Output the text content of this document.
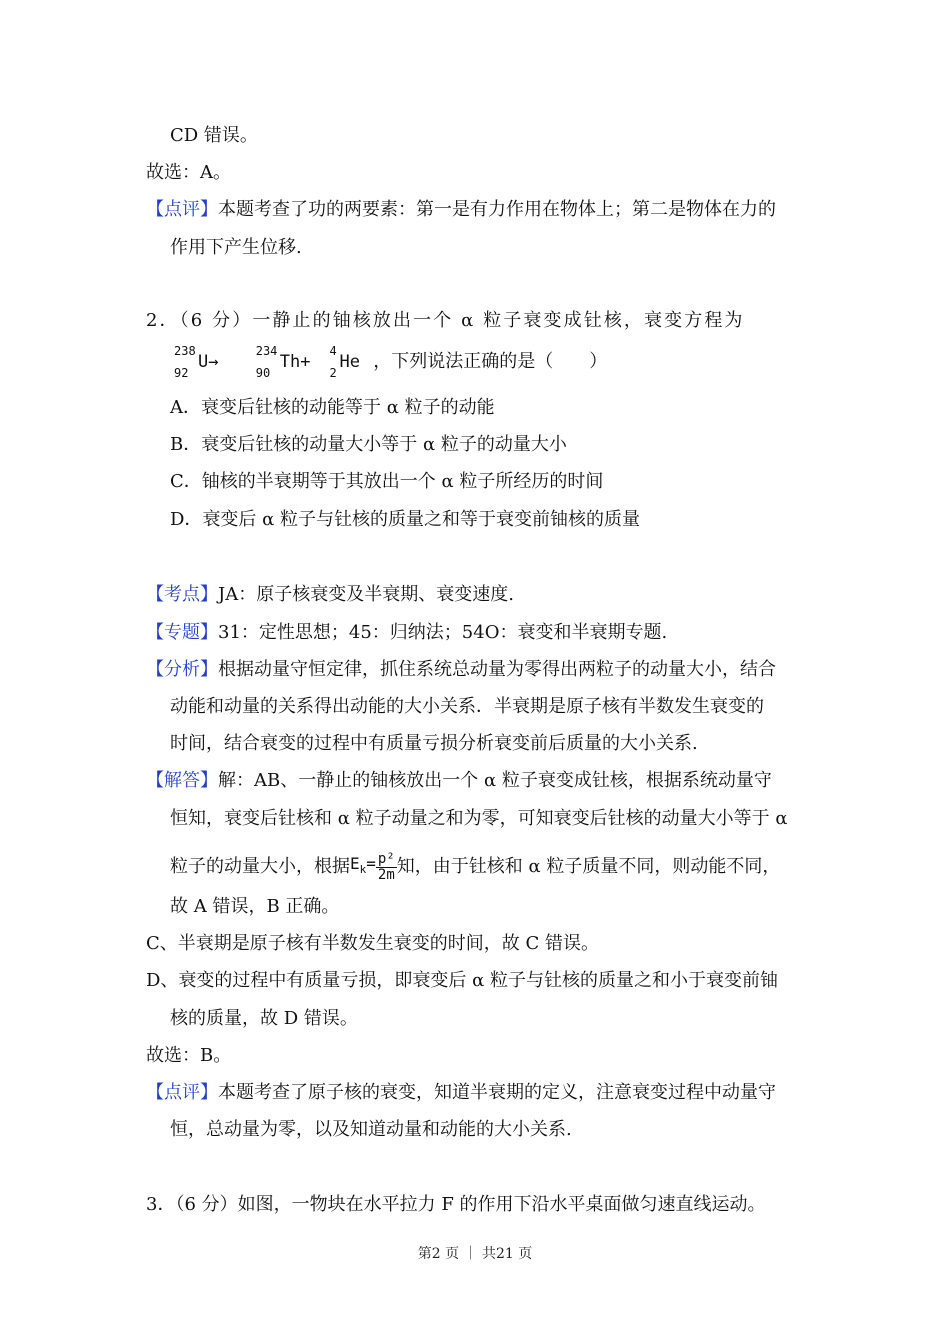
CD 错误。
故选：A。
【点评】本题考查了功的两要素：第一是有力作用在物体上；第二是物体在力的
作用下产生位移.
2．（6 分）一静止的铀核放出一个 α 粒子衰变成钍核，衰变方程为
238
92
U→
234
90
Th+
4
2
He ，下列说法正确的是（　　）
A．衰变后钍核的动能等于 α 粒子的动能
B．衰变后钍核的动量大小等于 α 粒子的动量大小
C．铀核的半衰期等于其放出一个 α 粒子所经历的时间
D．衰变后 α 粒子与钍核的质量之和等于衰变前铀核的质量
【考点】JA：原子核衰变及半衰期、衰变速度.
【专题】31：定性思想；45：归纳法；54O：衰变和半衰期专题.
【分析】根据动量守恒定律，抓住系统总动量为零得出两粒子的动量大小，结合
动能和动量的关系得出动能的大小关系．半衰期是原子核有半数发生衰变的
时间，结合衰变的过程中有质量亏损分析衰变前后质量的大小关系.
【解答】解：AB、一静止的铀核放出一个 α 粒子衰变成钍核，根据系统动量守
恒知，衰变后钍核和 α 粒子动量之和为零，可知衰变后钍核的动量大小等于 α
粒子的动量大小，根据$E_k= \frac{\text{p²}}{2m}$ 知，由于钍核和 α 粒子质量不同，则动能不同，
故 A 错误，B 正确。
C、半衰期是原子核有半数发生衰变的时间，故 C 错误。
D、衰变的过程中有质量亏损，即衰变后 α 粒子与钍核的质量之和小于衰变前铀
核的质量，故 D 错误。
故选：B。
【点评】本题考查了原子核的衰变，知道半衰期的定义，注意衰变过程中动量守
恒，总动量为零，以及知道动量和动能的大小关系.
3．（6 分）如图，一物块在水平拉力 F 的作用下沿水平桌面做匀速直线运动。
第2 页 ｜ 共21 页
